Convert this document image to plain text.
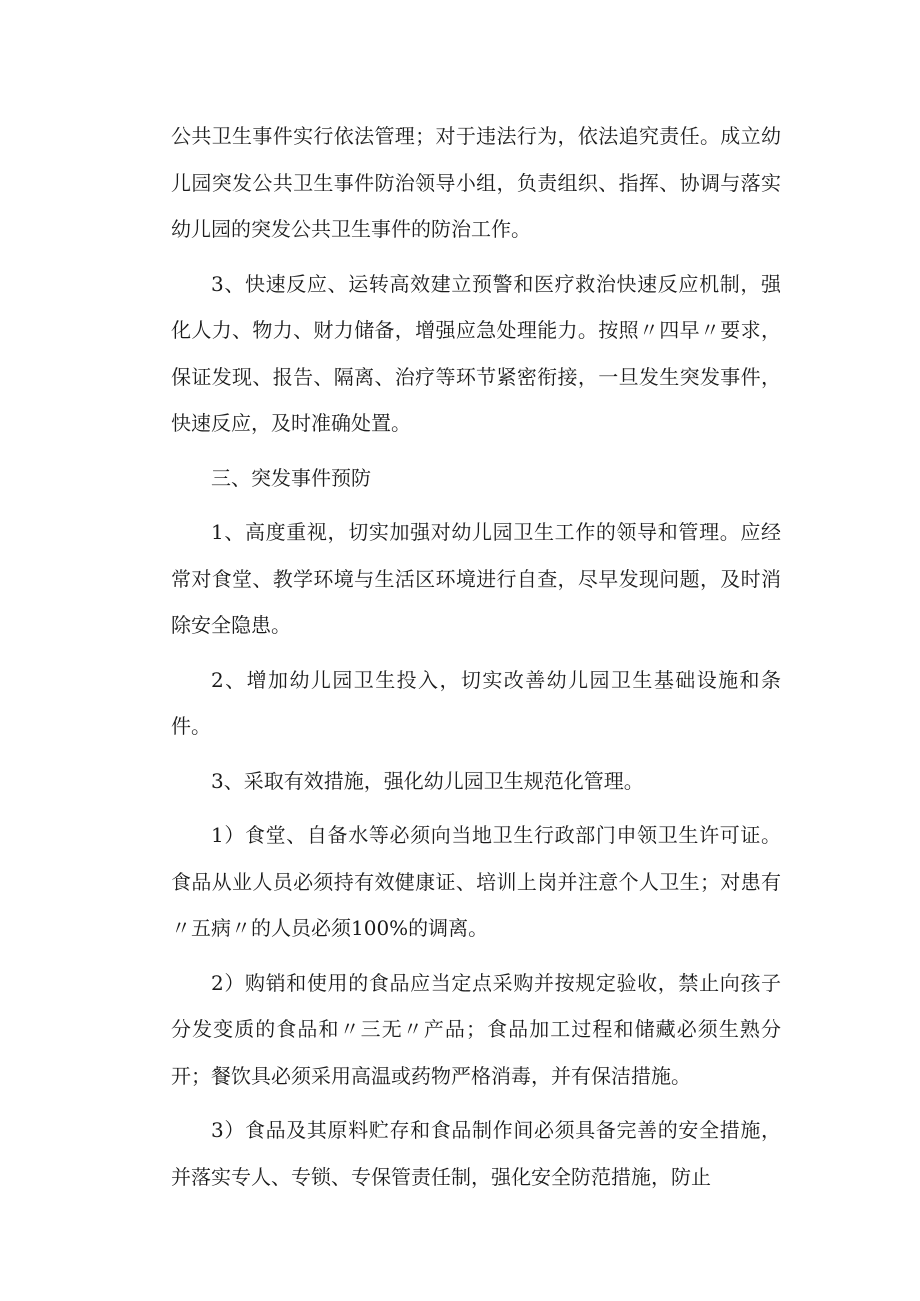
公共卫生事件实行依法管理；对于违法行为，依法追究责任。成立幼儿园突发公共卫生事件防治领导小组，负责组织、指挥、协调与落实幼儿园的突发公共卫生事件的防治工作。

3、快速反应、运转高效建立预警和医疗救治快速反应机制，强化人力、物力、财力储备，增强应急处理能力。按照〃四早〃要求，保证发现、报告、隔离、治疗等环节紧密衔接，一旦发生突发事件，快速反应，及时准确处置。

三、突发事件预防

1、高度重视，切实加强对幼儿园卫生工作的领导和管理。应经常对食堂、教学环境与生活区环境进行自查，尽早发现问题，及时消除安全隐患。

2、增加幼儿园卫生投入，切实改善幼儿园卫生基础设施和条件。

3、采取有效措施，强化幼儿园卫生规范化管理。

1）食堂、自备水等必须向当地卫生行政部门申领卫生许可证。食品从业人员必须持有效健康证、培训上岗并注意个人卫生；对患有〃五病〃的人员必须100%的调离。

2）购销和使用的食品应当定点采购并按规定验收，禁止向孩子分发变质的食品和〃三无〃产品；食品加工过程和储藏必须生熟分开；餐饮具必须采用高温或药物严格消毒，并有保洁措施。

3）食品及其原料贮存和食品制作间必须具备完善的安全措施，并落实专人、专锁、专保管责任制，强化安全防范措施，防止
